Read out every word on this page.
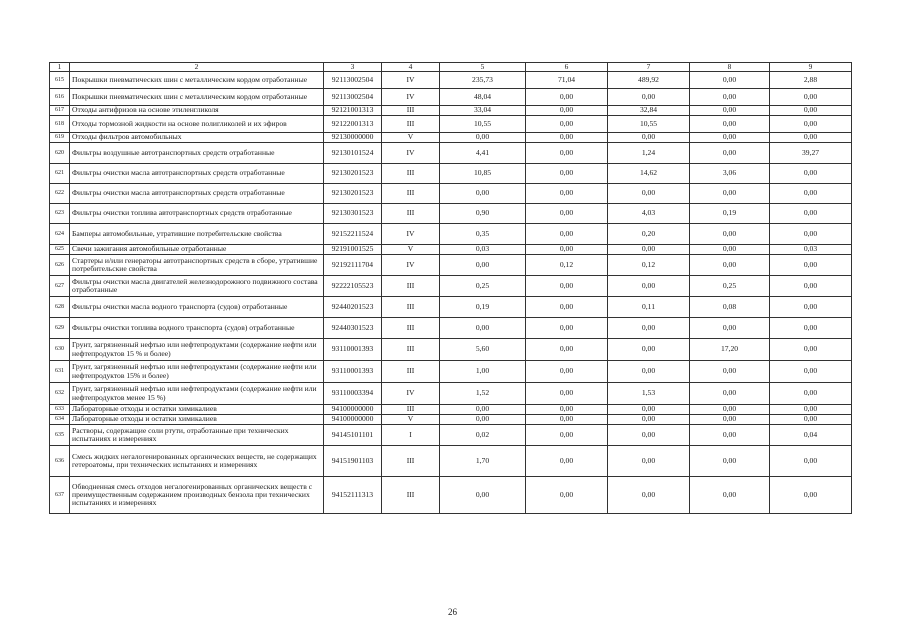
1	2	3	4	5	6	7	8	9
615	Покрышки пневматических шин с металлическим кордом отработанные	92113002504	IV	235,73	71,04	489,92	0,00	2,88
616	Покрышки пневматических шин с металлическим кордом отработанные	92113002504	IV	48,04	0,00	0,00	0,00	0,00
617	Отходы антифризов на основе этиленгликоля	92121001313	III	33,04	0,00	32,84	0,00	0,00
618	Отходы тормозной жидкости на основе полигликолей и их эфиров	92122001313	III	10,55	0,00	10,55	0,00	0,00
619	Отходы фильтров автомобильных	92130000000	V	0,00	0,00	0,00	0,00	0,00
620	Фильтры воздушные автотранспортных средств отработанные	92130101524	IV	4,41	0,00	1,24	0,00	39,27
621	Фильтры очистки масла автотранспортных средств отработанные	92130201523	III	10,85	0,00	14,62	3,06	0,00
622	Фильтры очистки масла автотранспортных средств отработанные	92130201523	III	0,00	0,00	0,00	0,00	0,00
623	Фильтры очистки топлива автотранспортных средств отработанные	92130301523	III	0,90	0,00	4,03	0,19	0,00
624	Бамперы автомобильные, утратившие потребительские свойства	92152211524	IV	0,35	0,00	0,20	0,00	0,00
625	Свечи зажигания автомобильные отработанные	92191001525	V	0,03	0,00	0,00	0,00	0,03
626	Стартеры и/или генераторы автотранспортных средств в сборе, утратившие потребительские свойства	92192111704	IV	0,00	0,12	0,12	0,00	0,00
627	Фильтры очистки масла двигателей железнодорожного подвижного состава отработанные	92222105523	III	0,25	0,00	0,00	0,25	0,00
628	Фильтры очистки масла водного транспорта (судов) отработанные	92440201523	III	0,19	0,00	0,11	0,08	0,00
629	Фильтры очистки топлива водного транспорта (судов) отработанные	92440301523	III	0,00	0,00	0,00	0,00	0,00
630	Грунт, загрязненный нефтью или нефтепродуктами (содержание нефти или нефтепродуктов 15 % и более)	93110001393	III	5,60	0,00	0,00	17,20	0,00
631	Грунт, загрязненный нефтью или нефтепродуктами (содержание нефти или нефтепродуктов 15% и более)	93110001393	III	1,00	0,00	0,00	0,00	0,00
632	Грунт, загрязненный нефтью или нефтепродуктами (содержание нефти или нефтепродуктов менее 15 %)	93110003394	IV	1,52	0,00	1,53	0,00	0,00
633	Лабораторные отходы и остатки химикалиев	94100000000	III	0,00	0,00	0,00	0,00	0,00
634	Лабораторные отходы и остатки химикалиев	94100000000	V	0,00	0,00	0,00	0,00	0,00
635	Растворы, содержащие соли ртути, отработанные при технических испытаниях и измерениях	94145101101	I	0,02	0,00	0,00	0,00	0,04
636	Смесь жидких негалогенированных органических веществ, не содержащих гетероатомы, при технических испытаниях и измерениях	94151901103	III	1,70	0,00	0,00	0,00	0,00
637	Обводненная смесь отходов негалогенированных органических веществ с преимущественным содержанием производных бензола при технических испытаниях и измерениях	94152111313	III	0,00	0,00	0,00	0,00	0,00
26
